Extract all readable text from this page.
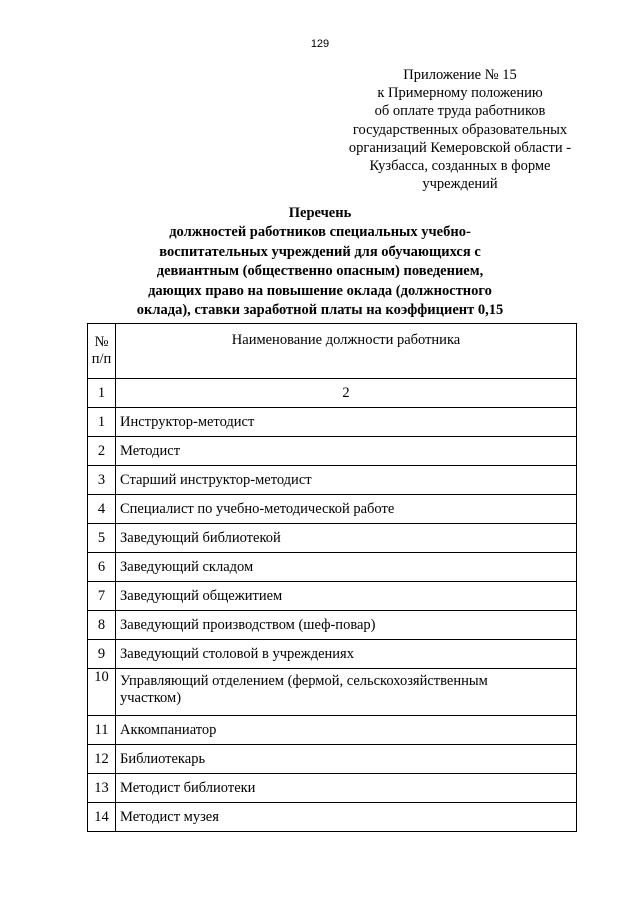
129
Приложение № 15
к Примерному положению
об оплате труда работников
государственных образовательных
организаций Кемеровской области -
Кузбасса, созданных в форме
учреждений
Перечень
должностей работников специальных учебно-
воспитательных учреждений для обучающихся с
девиантным (общественно опасным) поведением,
дающих право на повышение оклада (должностного
оклада), ставки заработной платы на коэффициент 0,15
№
п/п	Наименование должности работника
1	2
1	Инструктор-методист
2	Методист
3	Старший инструктор-методист
4	Специалист по учебно-методической работе
5	Заведующий библиотекой
6	Заведующий складом
7	Заведующий общежитием
8	Заведующий производством (шеф-повар)
9	Заведующий столовой в учреждениях
10	Управляющий отделением (фермой, сельскохозяйственным
участком)

11	Аккомпаниатор
12	Библиотекарь
13	Методист библиотеки
14	Методист музея
